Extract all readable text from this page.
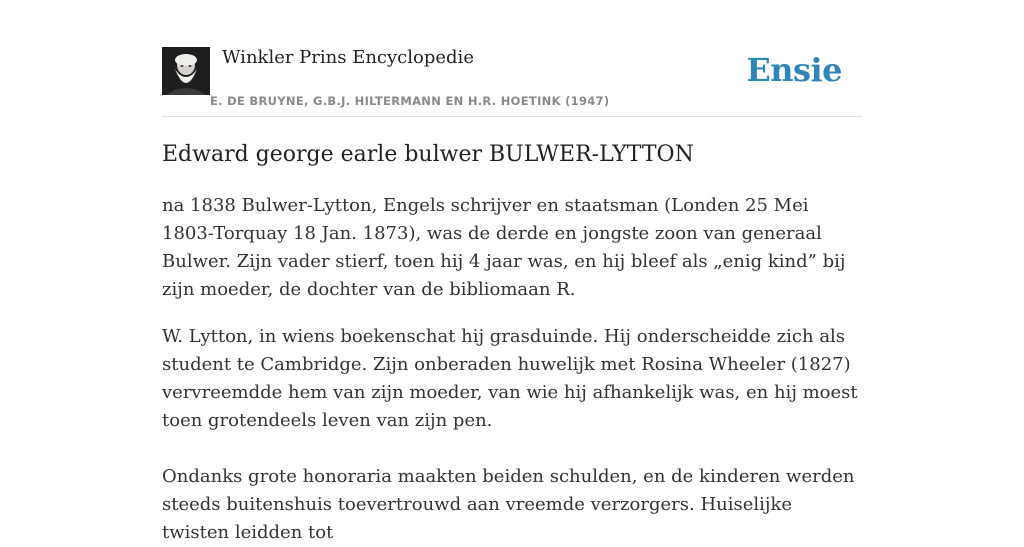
Winkler Prins Encyclopedie
E. DE BRUYNE, G.B.J. HILTERMANN EN H.R. HOETINK (1947)
Ensie
Edward george earle bulwer BULWER-LYTTON

na 1838 Bulwer-Lytton, Engels schrijver en staatsman (Londen 25 Mei 1803-Torquay 18 Jan. 1873), was de derde en jongste zoon van generaal Bulwer. Zijn vader stierf, toen hij 4 jaar was, en hij bleef als „enig kind” bij zijn moeder, de dochter van de bibliomaan R.

W. Lytton, in wiens boekenschat hij grasduinde. Hij onderscheidde zich als student te Cambridge. Zijn onberaden huwelijk met Rosina Wheeler (1827) vervreemdde hem van zijn moeder, van wie hij afhankelijk was, en hij moest toen grotendeels leven van zijn pen.

Ondanks grote honoraria maakten beiden schulden, en de kinderen werden steeds buitenshuis toevertrouwd aan vreemde verzorgers. Huiselijke twisten leidden tot
